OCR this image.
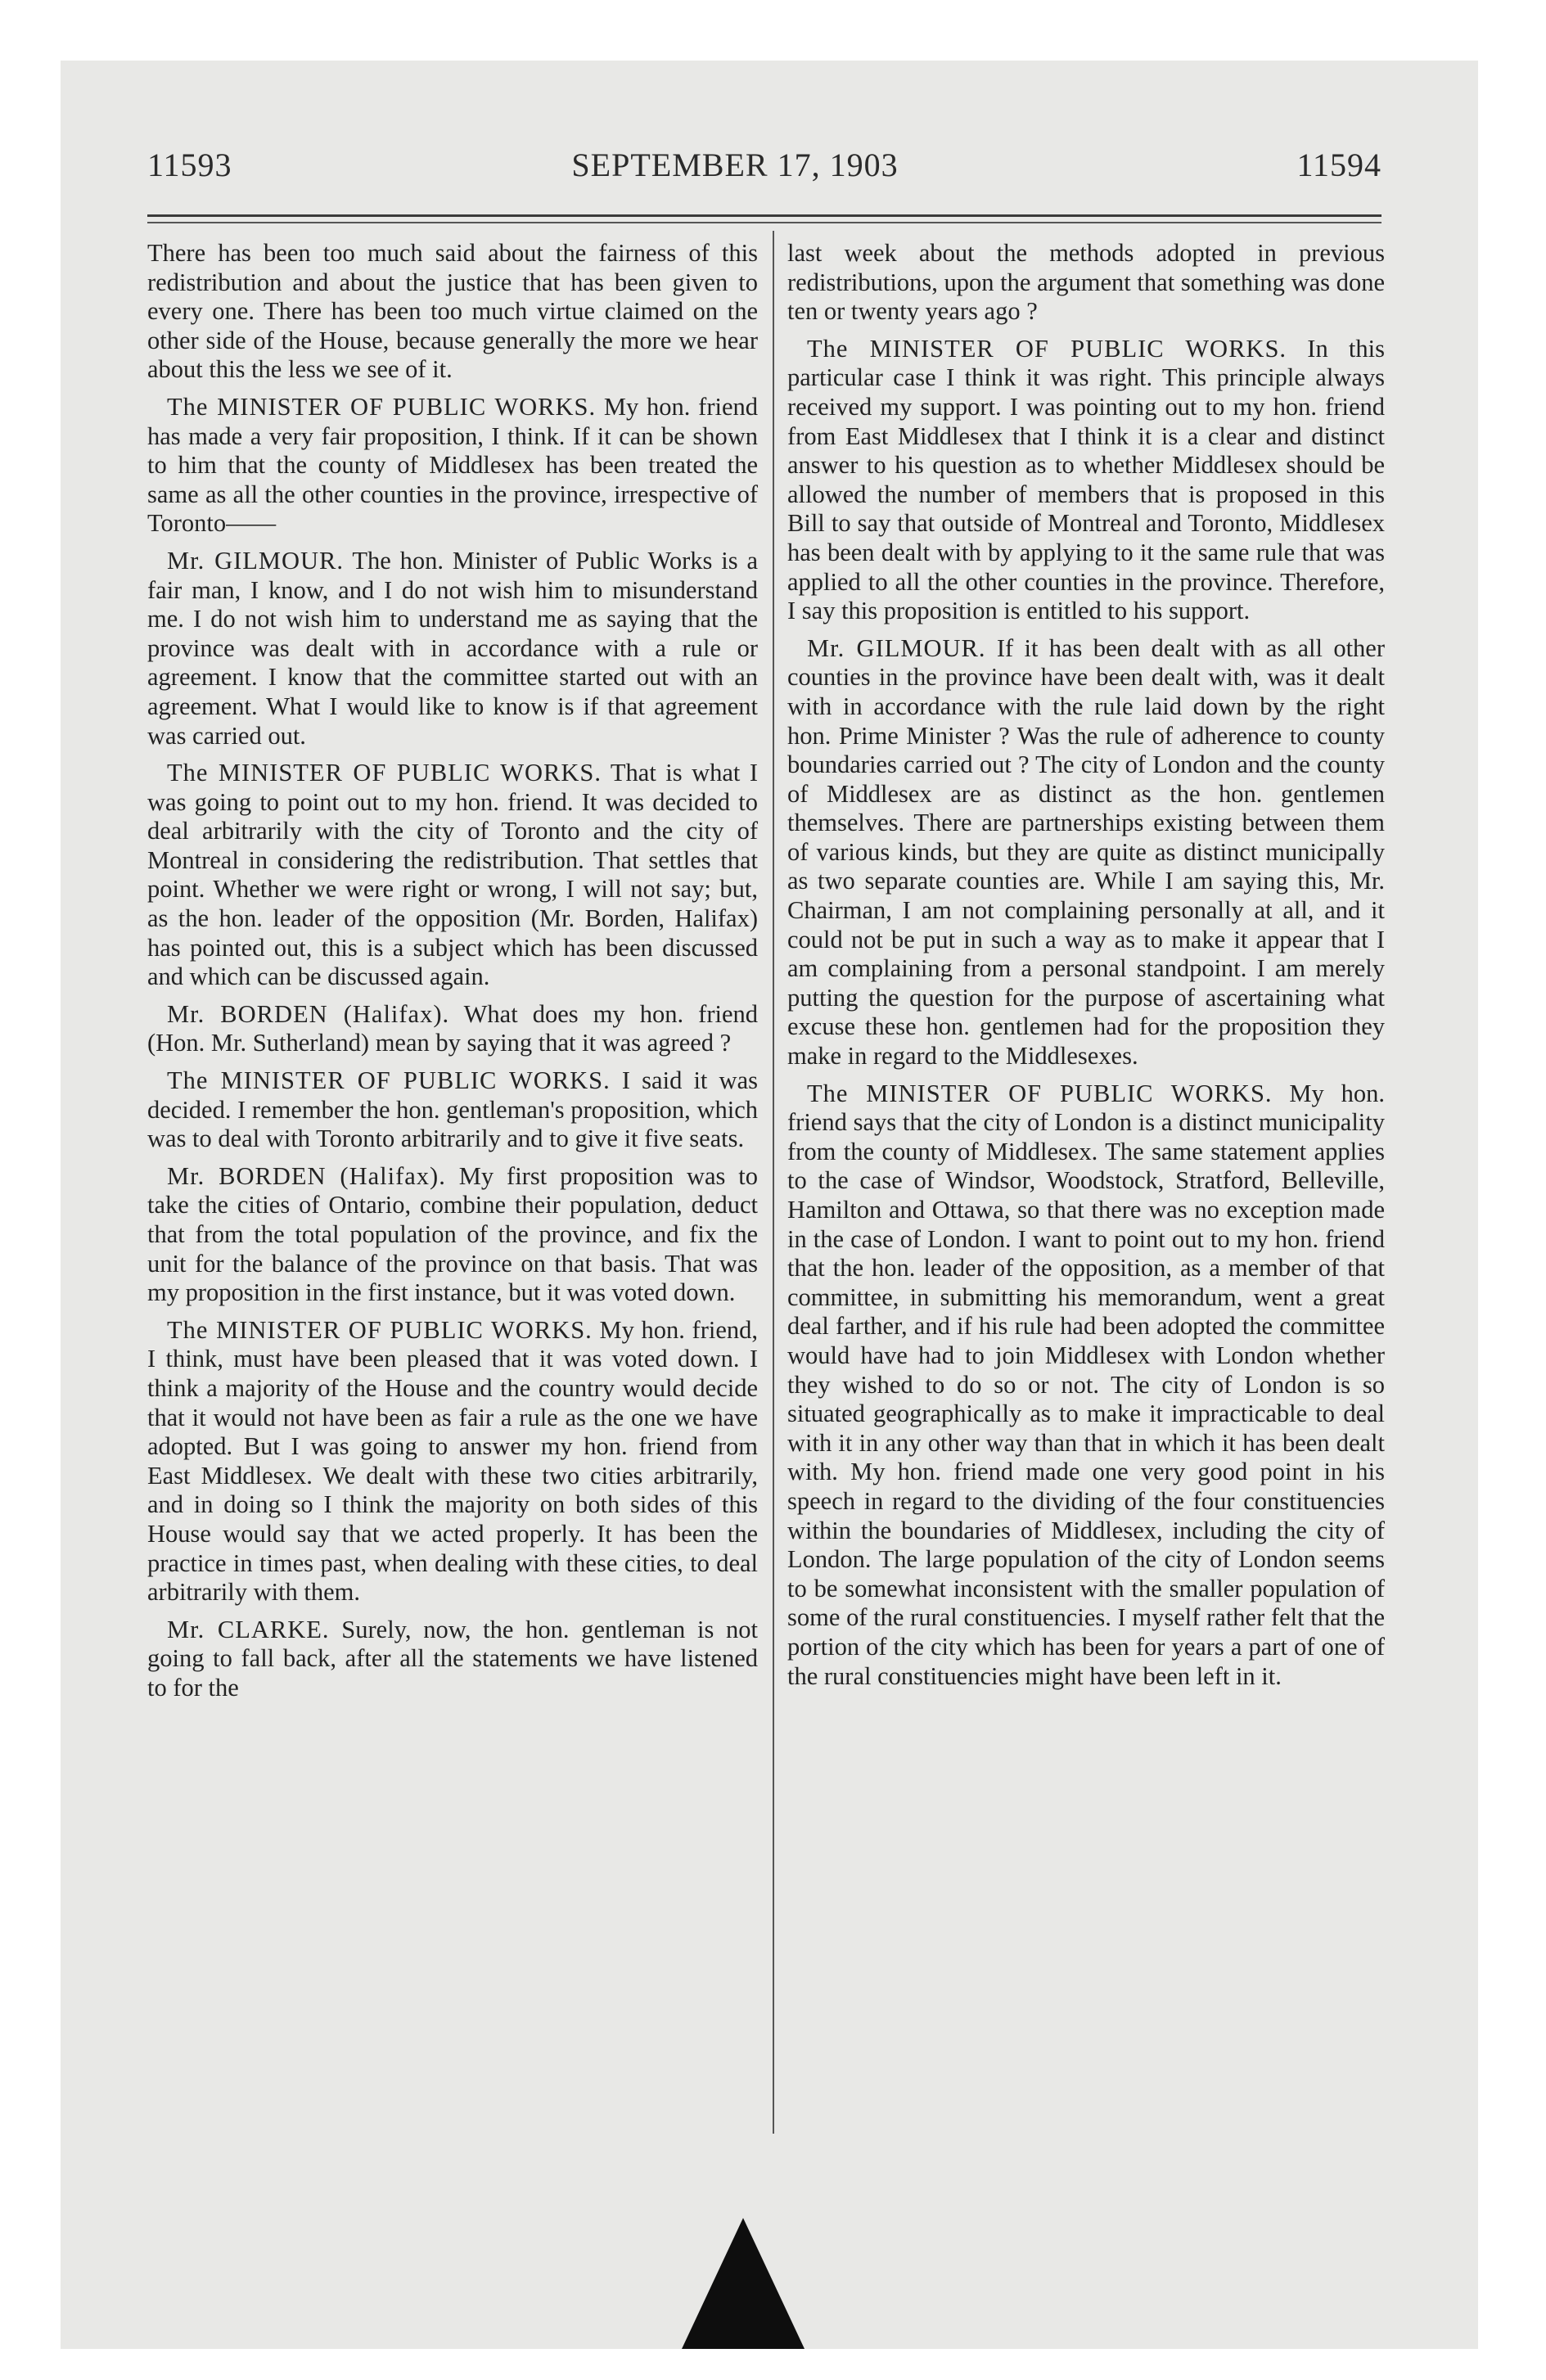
11593	SEPTEMBER 17, 1903	11594

There has been too much said about the fairness of this redistribution and about the justice that has been given to every one. There has been too much virtue claimed on the other side of the House, because generally the more we hear about this the less we see of it.

The MINISTER OF PUBLIC WORKS. My hon. friend has made a very fair proposition, I think. If it can be shown to him that the county of Middlesex has been treated the same as all the other counties in the province, irrespective of Toronto——

Mr. GILMOUR. The hon. Minister of Public Works is a fair man, I know, and I do not wish him to misunderstand me. I do not wish him to understand me as saying that the province was dealt with in accordance with a rule or agreement. I know that the committee started out with an agreement. What I would like to know is if that agreement was carried out.

The MINISTER OF PUBLIC WORKS. That is what I was going to point out to my hon. friend. It was decided to deal arbitrarily with the city of Toronto and the city of Montreal in considering the redistribution. That settles that point. Whether we were right or wrong, I will not say; but, as the hon. leader of the opposition (Mr. Borden, Halifax) has pointed out, this is a subject which has been discussed and which can be discussed again.

Mr. BORDEN (Halifax). What does my hon. friend (Hon. Mr. Sutherland) mean by saying that it was agreed ?

The MINISTER OF PUBLIC WORKS. I said it was decided. I remember the hon. gentleman's proposition, which was to deal with Toronto arbitrarily and to give it five seats.

Mr. BORDEN (Halifax). My first proposition was to take the cities of Ontario, combine their population, deduct that from the total population of the province, and fix the unit for the balance of the province on that basis. That was my proposition in the first instance, but it was voted down.

The MINISTER OF PUBLIC WORKS. My hon. friend, I think, must have been pleased that it was voted down. I think a majority of the House and the country would decide that it would not have been as fair a rule as the one we have adopted. But I was going to answer my hon. friend from East Middlesex. We dealt with these two cities arbitrarily, and in doing so I think the majority on both sides of this House would say that we acted properly. It has been the practice in times past, when dealing with these cities, to deal arbitrarily with them.

Mr. CLARKE. Surely, now, the hon. gentleman is not going to fall back, after all the statements we have listened to for the

last week about the methods adopted in previous redistributions, upon the argument that something was done ten or twenty years ago ?

The MINISTER OF PUBLIC WORKS. In this particular case I think it was right. This principle always received my support. I was pointing out to my hon. friend from East Middlesex that I think it is a clear and distinct answer to his question as to whether Middlesex should be allowed the number of members that is proposed in this Bill to say that outside of Montreal and Toronto, Middlesex has been dealt with by applying to it the same rule that was applied to all the other counties in the province. Therefore, I say this proposition is entitled to his support.

Mr. GILMOUR. If it has been dealt with as all other counties in the province have been dealt with, was it dealt with in accordance with the rule laid down by the right hon. Prime Minister ? Was the rule of adherence to county boundaries carried out ? The city of London and the county of Middlesex are as distinct as the hon. gentlemen themselves. There are partnerships existing between them of various kinds, but they are quite as distinct municipally as two separate counties are. While I am saying this, Mr. Chairman, I am not complaining personally at all, and it could not be put in such a way as to make it appear that I am complaining from a personal standpoint. I am merely putting the question for the purpose of ascertaining what excuse these hon. gentlemen had for the proposition they make in regard to the Middlesexes.

The MINISTER OF PUBLIC WORKS. My hon. friend says that the city of London is a distinct municipality from the county of Middlesex. The same statement applies to the case of Windsor, Woodstock, Stratford, Belleville, Hamilton and Ottawa, so that there was no exception made in the case of London. I want to point out to my hon. friend that the hon. leader of the opposition, as a member of that committee, in submitting his memorandum, went a great deal farther, and if his rule had been adopted the committee would have had to join Middlesex with London whether they wished to do so or not. The city of London is so situated geographically as to make it impracticable to deal with it in any other way than that in which it has been dealt with. My hon. friend made one very good point in his speech in regard to the dividing of the four constituencies within the boundaries of Middlesex, including the city of London. The large population of the city of London seems to be somewhat inconsistent with the smaller population of some of the rural constituencies. I myself rather felt that the portion of the city which has been for years a part of one of the rural constituencies might have been left in it.
